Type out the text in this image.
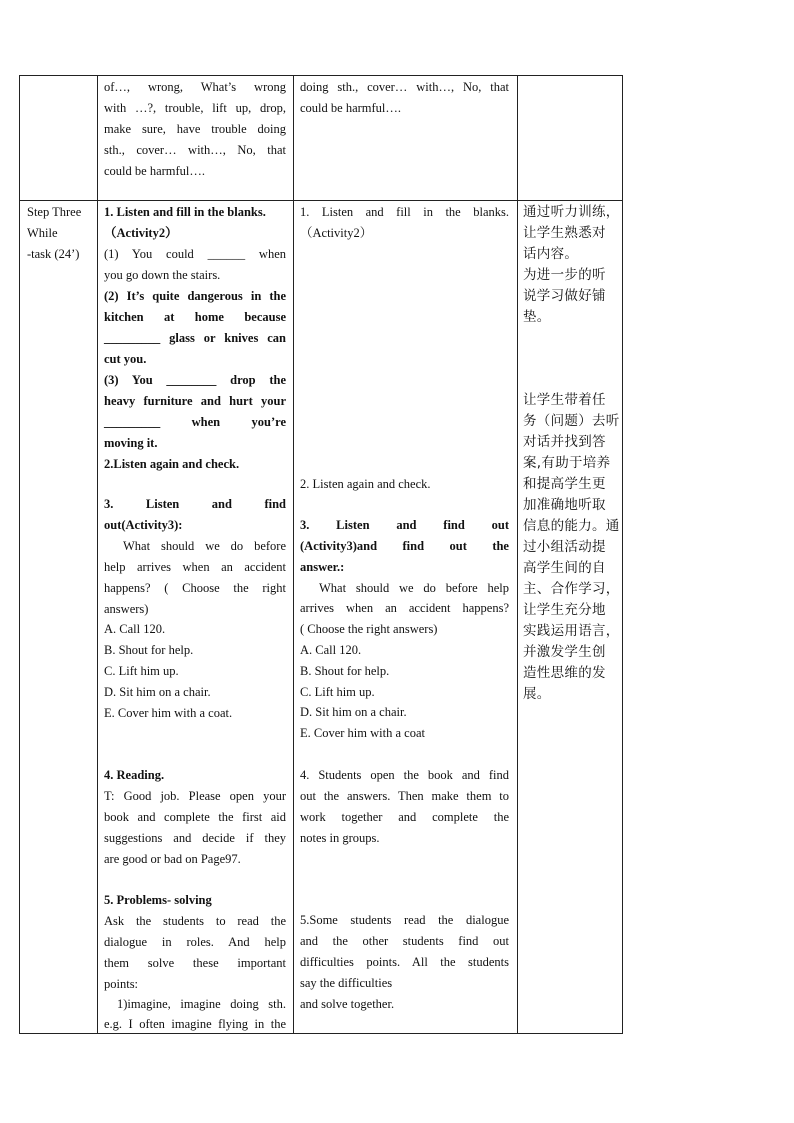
of…, wrong, What’s wrong
with …?, trouble, lift up, drop,
make sure, have trouble doing
sth., cover… with…, No, that
could be harmful….
doing sth., cover… with…, No, that
could be harmful….
Step Three
While
-task (24’)
1. Listen and fill in the blanks.
（Activity2）
(1) You could ______ when
you go down the stairs.
(2) It’s quite dangerous in the
kitchen at home because
_________ glass or knives can
cut you.
(3) You ________ drop the
heavy furniture and hurt your
_________ when you’re
moving it.
2.Listen again and check.
3. Listen and find
out(Activity3):
What should we do before
help arrives when an accident
happens? ( Choose the right
answers)
A. Call 120.
B. Shout for help.
C. Lift him up.
D. Sit him on a chair.
E. Cover him with a coat.
4. Reading.
T: Good job. Please open your
book and complete the first aid
suggestions and decide if they
are good or bad on Page97.
5. Problems- solving
Ask the students to read the
dialogue in roles. And help
them solve these important
points:
1)imagine, imagine doing sth.
e.g. I often imagine flying in the
1. Listen and fill in the blanks.
（Activity2）
2. Listen again and check.
3. Listen and find out
(Activity3)and find out the
answer.:
What should we do before help
arrives when an accident happens?
( Choose the right answers)
A. Call 120.
B. Shout for help.
C. Lift him up.
D. Sit him on a chair.
E. Cover him with a coat
4. Students open the book and find
out the answers. Then make them to
work together and complete the
notes in groups.
5.Some students read the dialogue
and the other students find out
difficulties points. All the students
say the difficulties
and solve together.
通过听力训练，
让学生熟悉对
话内容。
为进一步的听
说学习做好铺
垫。
让学生带着任
务（问题）去听
对话并找到答
案,有助于培养
和提高学生更
加准确地听取
信息的能力。通
过小组活动提
高学生间的自
主、合作学习，
让学生充分地
实践运用语言，
并激发学生创
造性思维的发
展。
